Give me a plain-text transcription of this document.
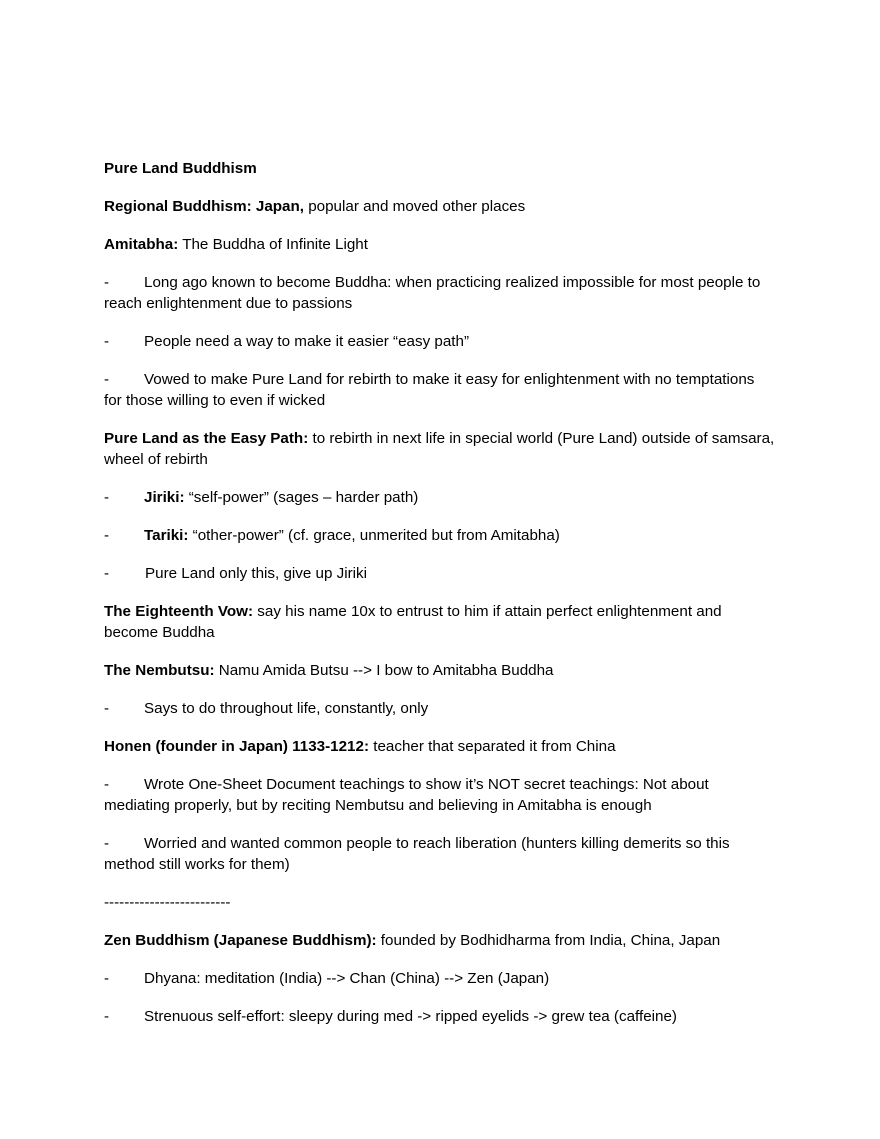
Pure Land Buddhism

Regional Buddhism: Japan, popular and moved other places

Amitabha: The Buddha of Infinite Light

- Long ago known to become Buddha: when practicing realized impossible for most people to reach enlightenment due to passions

- People need a way to make it easier “easy path”

- Vowed to make Pure Land for rebirth to make it easy for enlightenment with no temptations for those willing to even if wicked

Pure Land as the Easy Path: to rebirth in next life in special world (Pure Land) outside of samsara, wheel of rebirth

- Jiriki: “self-power” (sages – harder path)

- Tariki: “other-power” (cf. grace, unmerited but from Amitabha)

- Pure Land only this, give up Jiriki

The Eighteenth Vow: say his name 10x to entrust to him if attain perfect enlightenment and become Buddha

The Nembutsu: Namu Amida Butsu --> I bow to Amitabha Buddha

- Says to do throughout life, constantly, only

Honen (founder in Japan) 1133-1212: teacher that separated it from China

- Wrote One-Sheet Document teachings to show it’s NOT secret teachings: Not about mediating properly, but by reciting Nembutsu and believing in Amitabha is enough

- Worried and wanted common people to reach liberation (hunters killing demerits so this method still works for them)

-------------------------

Zen Buddhism (Japanese Buddhism): founded by Bodhidharma from India, China, Japan

- Dhyana: meditation (India) --> Chan (China) --> Zen (Japan)

- Strenuous self-effort: sleepy during med -> ripped eyelids -> grew tea (caffeine)
